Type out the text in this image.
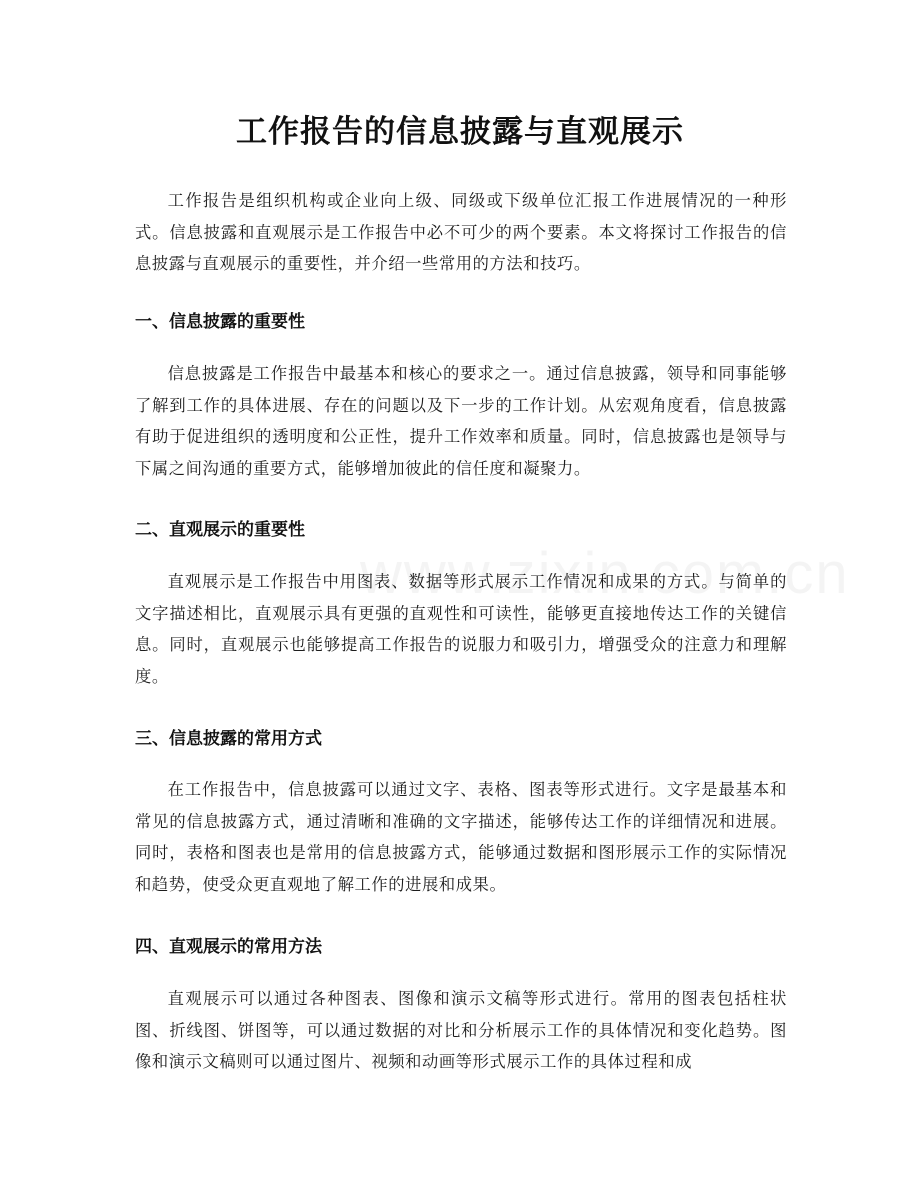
工作报告的信息披露与直观展示

工作报告是组织机构或企业向上级、同级或下级单位汇报工作进展情况的一种形式。信息披露和直观展示是工作报告中必不可少的两个要素。本文将探讨工作报告的信息披露与直观展示的重要性，并介绍一些常用的方法和技巧。

一、信息披露的重要性

信息披露是工作报告中最基本和核心的要求之一。通过信息披露，领导和同事能够了解到工作的具体进展、存在的问题以及下一步的工作计划。从宏观角度看，信息披露有助于促进组织的透明度和公正性，提升工作效率和质量。同时，信息披露也是领导与下属之间沟通的重要方式，能够增加彼此的信任度和凝聚力。

二、直观展示的重要性

直观展示是工作报告中用图表、数据等形式展示工作情况和成果的方式。与简单的文字描述相比，直观展示具有更强的直观性和可读性，能够更直接地传达工作的关键信息。同时，直观展示也能够提高工作报告的说服力和吸引力，增强受众的注意力和理解度。

三、信息披露的常用方式

在工作报告中，信息披露可以通过文字、表格、图表等形式进行。文字是最基本和常见的信息披露方式，通过清晰和准确的文字描述，能够传达工作的详细情况和进展。同时，表格和图表也是常用的信息披露方式，能够通过数据和图形展示工作的实际情况和趋势，使受众更直观地了解工作的进展和成果。

四、直观展示的常用方法

直观展示可以通过各种图表、图像和演示文稿等形式进行。常用的图表包括柱状图、折线图、饼图等，可以通过数据的对比和分析展示工作的具体情况和变化趋势。图像和演示文稿则可以通过图片、视频和动画等形式展示工作的具体过程和成
